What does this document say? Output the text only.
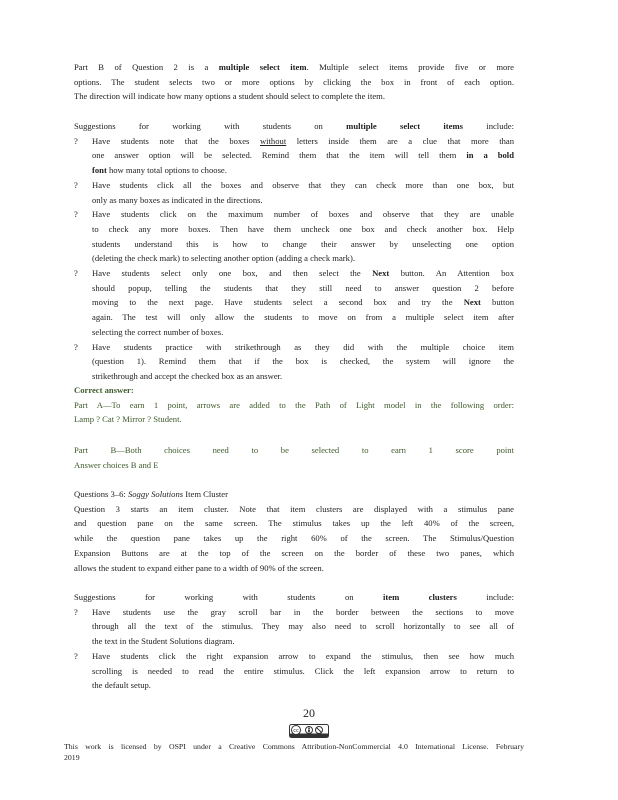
Part B of Question 2 is a multiple select item. Multiple select items provide five or more
options. The student selects two or more options by clicking the box in front of each option.
The direction will indicate how many options a student should select to complete the item.
Suggestions for working with students on multiple select items include:
? Have students note that the boxes without letters inside them are a clue that more than
one answer option will be selected. Remind them that the item will tell them in a bold
font how many total options to choose.
? Have students click all the boxes and observe that they can check more than one box, but
only as many boxes as indicated in the directions.
? Have students click on the maximum number of boxes and observe that they are unable
to check any more boxes. Then have them uncheck one box and check another box. Help
students understand this is how to change their answer by unselecting one option
(deleting the check mark) to selecting another option (adding a check mark).
? Have students select only one box, and then select the Next button. An Attention box
should popup, telling the students that they still need to answer question 2 before
moving to the next page. Have students select a second box and try the Next button
again. The test will only allow the students to move on from a multiple select item after
selecting the correct number of boxes.
? Have students practice with strikethrough as they did with the multiple choice item
(question 1). Remind them that if the box is checked, the system will ignore the
strikethrough and accept the checked box as an answer.
Correct answer:
Part A—To earn 1 point, arrows are added to the Path of Light model in the following order:
Lamp ? Cat ? Mirror ? Student.
Part B—Both choices need to be selected to earn 1 score point
Answer choices B and E
Questions 3–6: Soggy Solutions Item Cluster
Question 3 starts an item cluster. Note that item clusters are displayed with a stimulus pane
and question pane on the same screen. The stimulus takes up the left 40% of the screen,
while the question pane takes up the right 60% of the screen. The Stimulus/Question
Expansion Buttons are at the top of the screen on the border of these two panes, which
allows the student to expand either pane to a width of 90% of the screen.
Suggestions for working with students on item clusters include:
? Have students use the gray scroll bar in the border between the sections to move
through all the text of the stimulus. They may also need to scroll horizontally to see all of
the text in the Student Solutions diagram.
? Have students click the right expansion arrow to expand the stimulus, then see how much
scrolling is needed to read the entire stimulus. Click the left expansion arrow to return to
the default setup.
20
cc
This work is licensed by OSPI under a Creative Commons Attribution-NonCommercial 4.0 International License. February
2019
